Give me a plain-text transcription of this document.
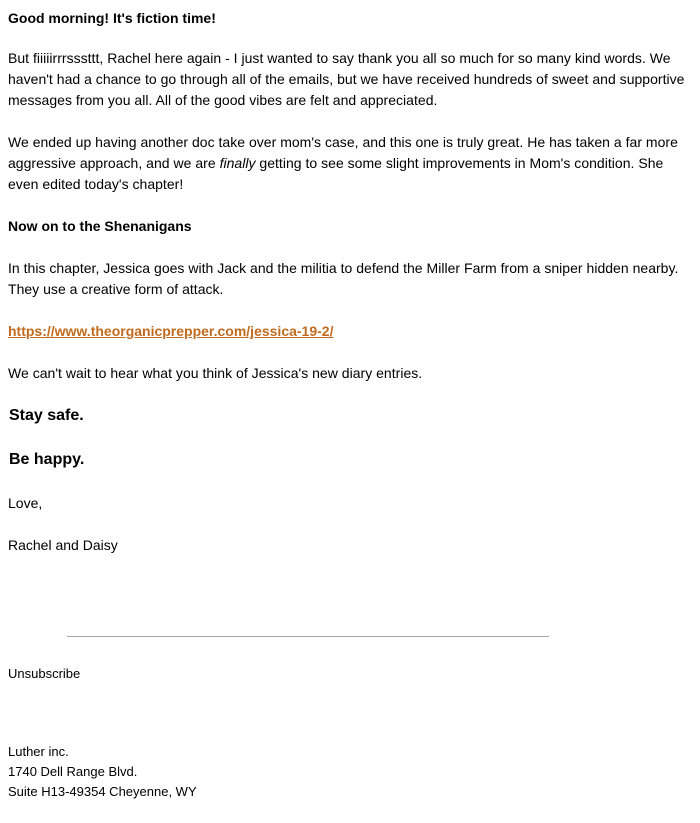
Good morning! It's fiction time!

But fiiiiirrrsssttt, Rachel here again - I just wanted to say thank you all so much for so many kind words. We haven't had a chance to go through all of the emails, but we have received hundreds of sweet and supportive messages from you all. All of the good vibes are felt and appreciated.

We ended up having another doc take over mom's case, and this one is truly great. He has taken a far more aggressive approach, and we are finally getting to see some slight improvements in Mom's condition. She even edited today's chapter!

Now on to the Shenanigans

In this chapter, Jessica goes with Jack and the militia to defend the Miller Farm from a sniper hidden nearby. They use a creative form of attack.

https://www.theorganicprepper.com/jessica-19-2/

We can't wait to hear what you think of Jessica's new diary entries.

Stay safe.

Be happy.

Love,

Rachel and Daisy

Unsubscribe
Luther inc.
1740 Dell Range Blvd.
Suite H13-49354 Cheyenne, WY
